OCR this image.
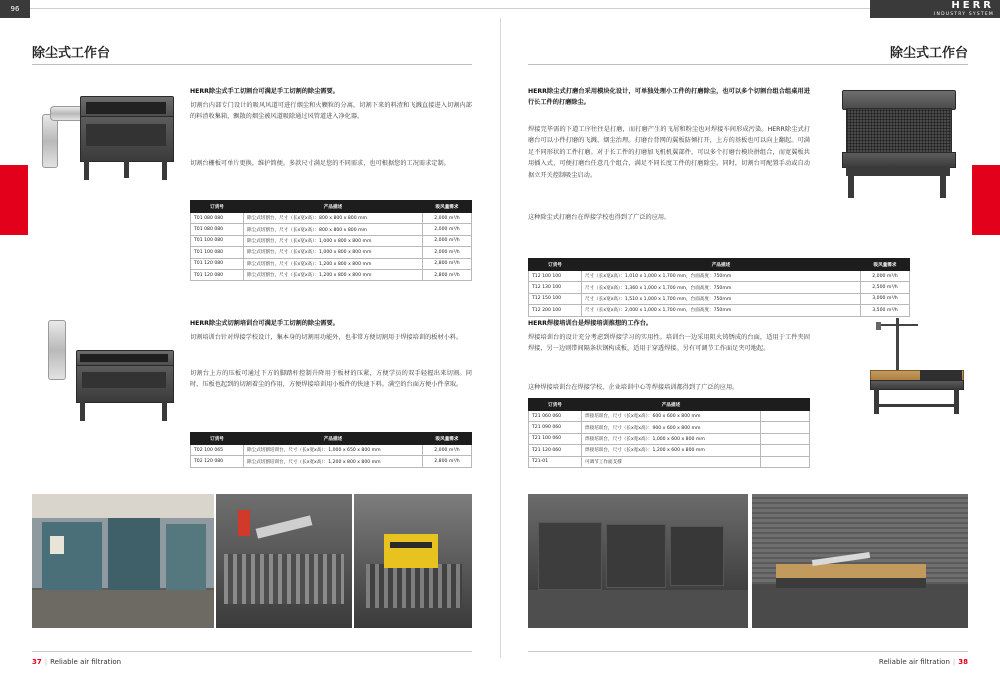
96	HERR
INDUSTRY SYSTEM
除尘式工作台
HERR除尘式手工切割台可满足手工切割的除尘需要。
切割台内部专门设计的吸风风道可进行烟尘和火颗粒的分离，切割下来的料渣和飞溅直接进入切割内部的料渣收集箱，飘散的烟尘被风道吸除通过风管道进入净化器。
切割台栅板可单片更换，维护简便。多款尺寸满足您的不同需求，也可根据您的工况需求定制。
订货号	产品描述	吸风量需求
T01 080 080	除尘式切割台，尺寸（长x宽x高）：800 x 800 x 800 mm	2,000 m³/h
T01 080 080	除尘式切割台，尺寸（长x宽x高）：800 x 800 x 800 mm	2,000 m³/h
T01 100 080	除尘式切割台，尺寸（长x宽x高）：1,000 x 800 x 800 mm	2,000 m³/h
T01 100 080	除尘式切割台，尺寸（长x宽x高）：1,000 x 800 x 800 mm	2,000 m³/h
T01 120 080	除尘式切割台，尺寸（长x宽x高）：1,200 x 800 x 800 mm	2,800 m³/h
T01 120 080	除尘式切割台，尺寸（长x宽x高）：1,200 x 800 x 800 mm	2,800 m³/h
HERR除尘式切割培训台可满足手工切割的除尘需要。
切割培训台针对焊接学校设计，集本身的切割用功能外，也非常方便切割用于焊接培训的板材小料。
切割台上方的压板可通过下方的脚踏杆控制升降用于板材的压紧，方便学员的双手轻握出来切割。同时，压板也起到的切割着尘的作用，方便焊接培训用小板件的快速下料。满空的台面方便小件拿取。
订货号	产品描述	吸风量需求
T02 100 065	除尘式切割培训台，尺寸（长x宽x高）：1,000 x 650 x 800 mm	2,000 m³/h
T02 120 080	除尘式切割培训台，尺寸（长x宽x高）：1,200 x 800 x 800 mm	2,800 m³/h
37 | Reliable air filtration
除尘式工作台
HERR除尘式打磨台采用模块化设计，可单独处理小工件的打磨除尘，也可以多个切割台组合组桌用进行长工件的打磨除尘。
焊接完毕需的下道工序往往是打磨，而打磨产生的飞屑和粉尘也对焊接车间形成污染。HERR除尘式打磨台可以小件打磨的飞溅、烟尘治理。打磨台背网的翼板防倾打开，上方的基板也可以向上翻起。可满足不同形状的工件打磨。对于长工件的打磨加飞机机翼部件，可以多个打磨台模块拼组合，而宽翼板共用插入式，可便打磨台任意几个组合，满足不同长度工件的打磨除尘。同时，切割台可配置手动或自动据立开关控制吸尘启动。
这种除尘式打磨台在焊接学校也得到了广泛的应用。
订货号	产品描述	吸风量需求
T12 100 100	尺寸（长x宽x高）：1,010 x 1,000 x 1,700 mm，台面高度：750mm	2,000 m³/h
T12 130 100	尺寸（长x宽x高）：1,360 x 1,000 x 1,700 mm，台面高度：750mm	2,500 m³/h
T12 150 100	尺寸（长x宽x高）：1,510 x 1,000 x 1,700 mm，台面高度：750mm	3,000 m³/h
T12 200 100	尺寸（长x宽x高）：2,000 x 1,000 x 1,700 mm，台面高度：750mm	3,500 m³/h
HERR焊接培训台是焊接培训推想的工作台。
焊接培训台的设计充分考虑到焊接学习的实用性。培训台一边采用阻火铸锈成的台面，适用于工件夹固焊接，另一边则带间隔条状钢构成板，适用于穿透焊接。另有可调节工作面足夹可地起。
这种焊接培训台在焊接学校、企业培训中心等焊接培训都得到了广泛的应用。
订货号	产品描述	
T21 060 060	焊接培训台，尺寸（长x宽x高）：600 x 600 x 800 mm	
T21 090 060	焊接培训台，尺寸（长x宽x高）：900 x 600 x 800 mm	
T21 100 060	焊接培训台，尺寸（长x宽x高）：1,000 x 600 x 800 mm	
T21 120 060	焊接培训台，尺寸（长x宽x高）：1,200 x 600 x 800 mm	
T21-01	可调节工作面支撑	
Reliable air filtration | 38
